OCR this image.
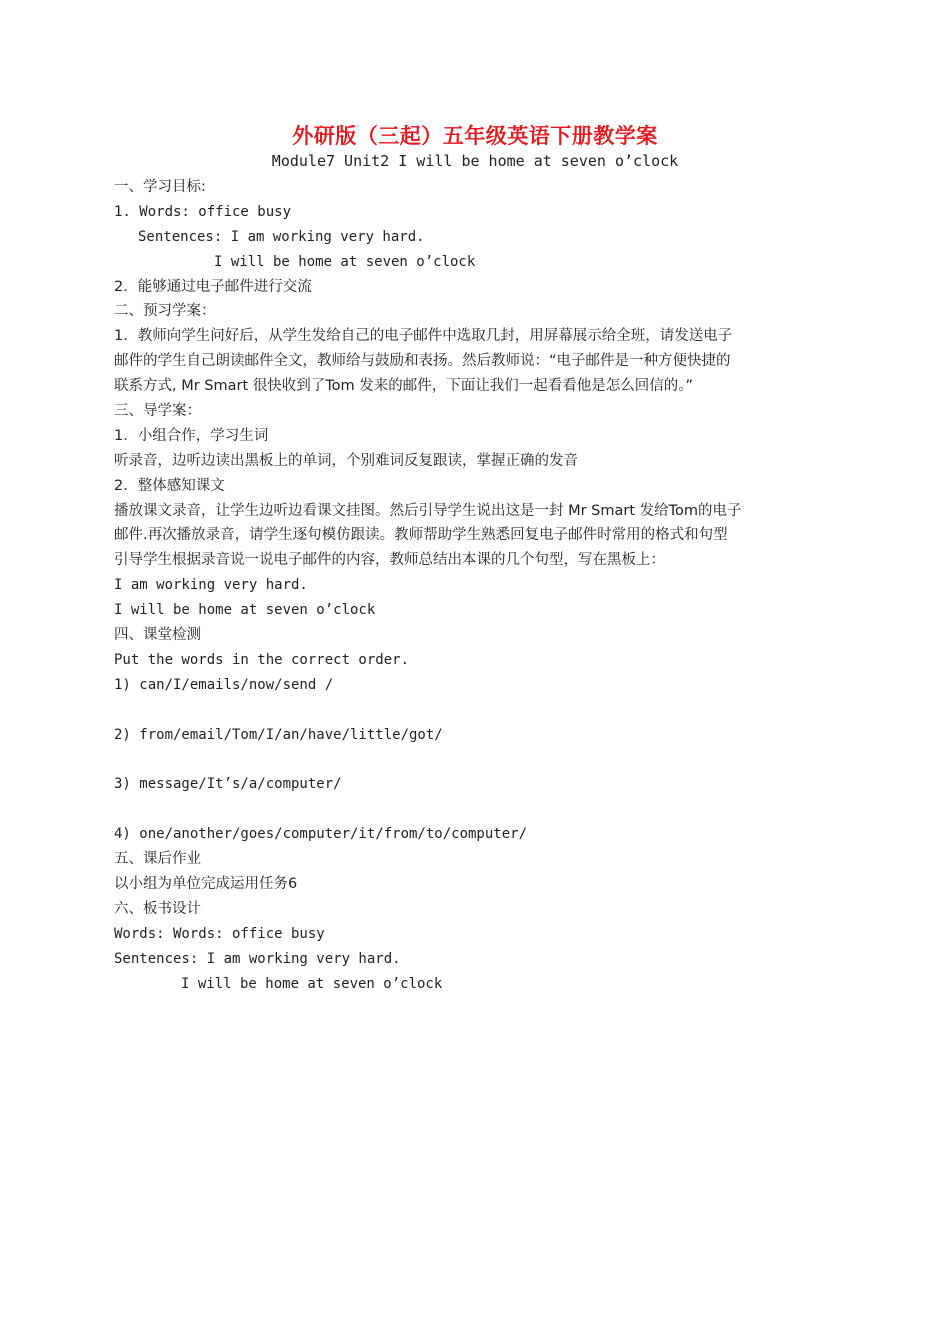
外研版（三起）五年级英语下册教学案
Module7 Unit2 I will be home at seven o’clock
一、学习目标:
1. Words: office busy
Sentences: I am working very hard.
I will be home at seven o’clock
2．能够通过电子邮件进行交流
二、预习学案：
1．教师向学生问好后，从学生发给自己的电子邮件中选取几封，用屏幕展示给全班，请发送电子
邮件的学生自己朗读邮件全文，教师给与鼓励和表扬。然后教师说：“电子邮件是一种方便快捷的
联系方式, Mr Smart 很快收到了Tom 发来的邮件，下面让我们一起看看他是怎么回信的。”
三、导学案：
1．小组合作，学习生词
听录音，边听边读出黑板上的单词，个别难词反复跟读，掌握正确的发音
2．整体感知课文
播放课文录音，让学生边听边看课文挂图。然后引导学生说出这是一封 Mr Smart 发给Tom的电子
邮件.再次播放录音，请学生逐句模仿跟读。教师帮助学生熟悉回复电子邮件时常用的格式和句型
引导学生根据录音说一说电子邮件的内容，教师总结出本课的几个句型，写在黑板上：
I am working very hard.
I will be home at seven o’clock
四、课堂检测
Put the words in the correct order.
1) can/I/emails/now/send /
2) from/email/Tom/I/an/have/little/got/
3) message/It’s/a/computer/
4) one/another/goes/computer/it/from/to/computer/
五、课后作业
以小组为单位完成运用任务6
六、板书设计
Words: Words: office busy
Sentences: I am working very hard.
I will be home at seven o’clock
